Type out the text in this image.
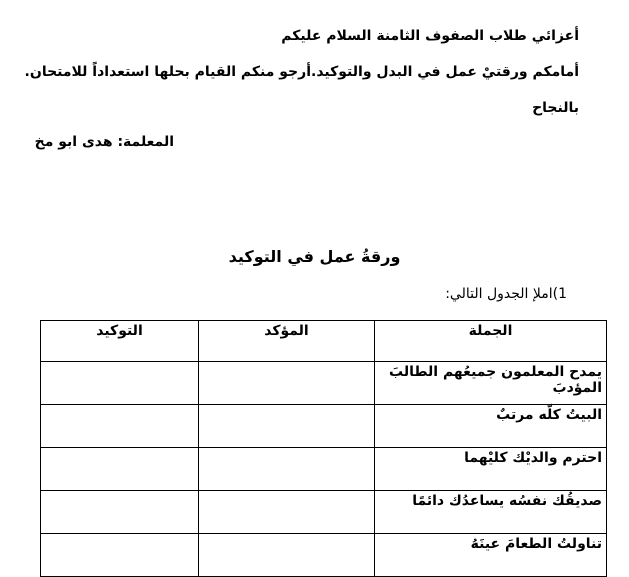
أعزائي طلاب الصفوف الثامنة السلام عليكم
أمامكم ورقتيْ عمل في البدل والتوكيد.أرجو منكم القيام بحلها استعداداً للامتحان.
بالنجاح
المعلمة: هدى ابو مخ
ورقةُ عمل في التوكيد
1)املإ الجدول التالي:
الجملة	المؤكد	التوكيد
يمدح المعلمون جميعُهم الطالبَ المؤدبَ		
البيتُ كلّه مرتبٌ		
احترم والديْك كليْهما		
صديقُك نفسُه يساعدُك دائمًا		
تناولتُ الطعامَ عينَهُ		
